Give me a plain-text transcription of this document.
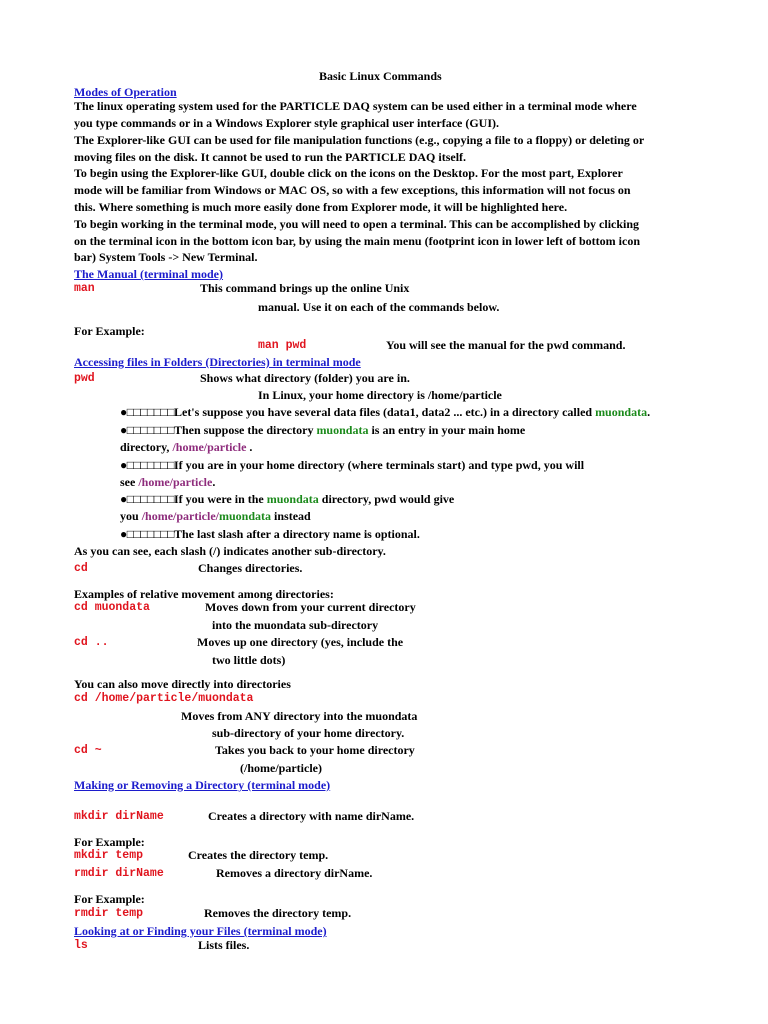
Basic Linux Commands
Modes of Operation
The linux operating system used for the PARTICLE DAQ system can be used either in a terminal mode where
you type commands or in a Windows Explorer style graphical user interface (GUI).
The Explorer-like GUI can be used for file manipulation functions (e.g., copying a file to a floppy) or deleting or
moving files on the disk. It cannot be used to run the PARTICLE DAQ itself.
To begin using the Explorer-like GUI, double click on the icons on the Desktop. For the most part, Explorer
mode will be familiar from Windows or MAC OS, so with a few exceptions, this information will not focus on
this. Where something is much more easily done from Explorer mode, it will be highlighted here.
To begin working in the terminal mode, you will need to open a terminal. This can be accomplished by clicking
on the terminal icon in the bottom icon bar, by using the main menu (footprint icon in lower left of bottom icon
bar) System Tools -> New Terminal.
The Manual (terminal mode)
man	This command brings up the online Unix
manual. Use it on each of the commands below.
For Example:
man pwd	You will see the manual for the pwd command.
Accessing files in Folders (Directories) in terminal mode
pwd	Shows what directory (folder) you are in.
In Linux, your home directory is /home/particle
●□□□□□□□Let's suppose you have several data files (data1, data2 ... etc.) in a directory called muondata.
●□□□□□□□Then suppose the directory muondata is an entry in your main home
directory, /home/particle .
●□□□□□□□If you are in your home directory (where terminals start) and type pwd, you will
see /home/particle.
●□□□□□□□If you were in the muondata directory, pwd would give
you /home/particle/muondata instead
●□□□□□□□The last slash after a directory name is optional.
As you can see, each slash (/) indicates another sub-directory.
cd	Changes directories.
Examples of relative movement among directories:
cd muondata	Moves down from your current directory
into the muondata sub-directory
cd ..	Moves up one directory (yes, include the
two little dots)
You can also move directly into directories
cd /home/particle/muondata
Moves from ANY directory into the muondata
sub-directory of your home directory.
cd ~	Takes you back to your home directory
(/home/particle)
Making or Removing a Directory (terminal mode)
mkdir dirName	Creates a directory with name dirName.
For Example:
mkdir temp	Creates the directory temp.
rmdir dirName	Removes a directory dirName.
For Example:
rmdir temp	Removes the directory temp.
Looking at or Finding your Files (terminal mode)
ls	Lists files.
